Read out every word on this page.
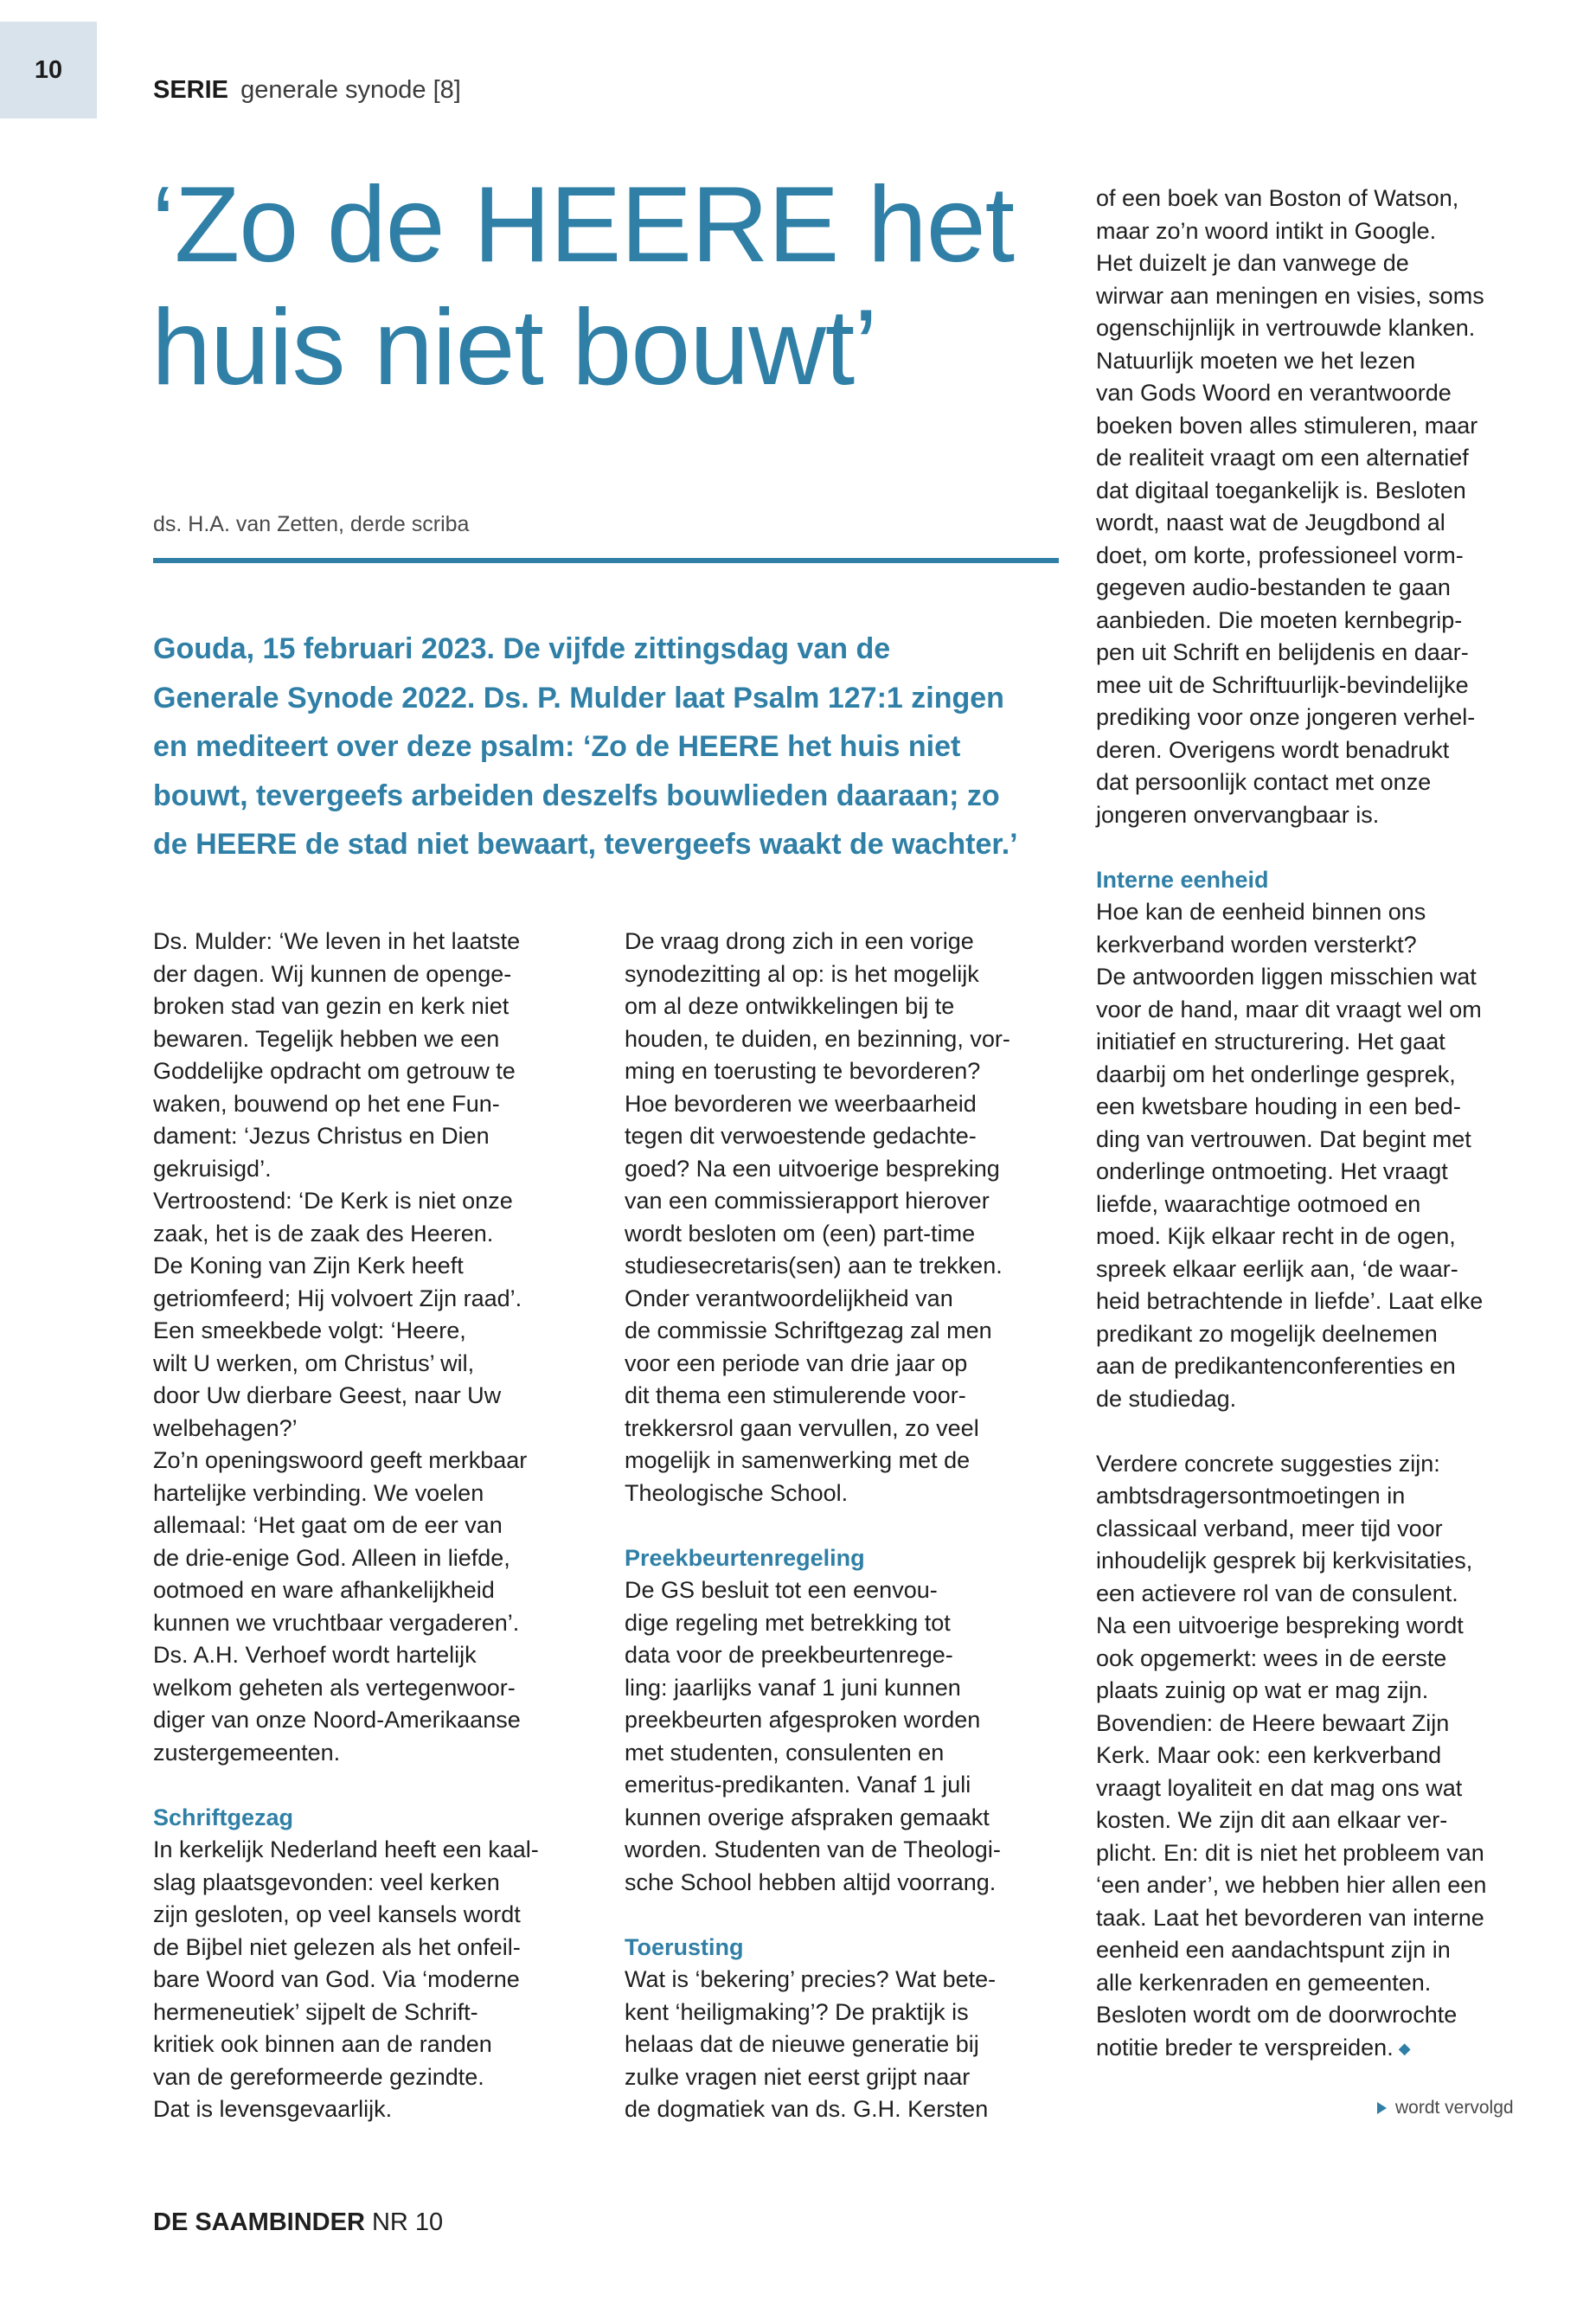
10
SERIE generale synode [8]
‘Zo de HEERE het
huis niet bouwt’
ds. H.A. van Zetten, derde scriba
Gouda, 15 februari 2023. De vijfde zittingsdag van de
Generale Synode 2022. Ds. P. Mulder laat Psalm 127:1 zingen
en mediteert over deze psalm: ‘Zo de HEERE het huis niet
bouwt, tevergeefs arbeiden deszelfs bouwlieden daaraan; zo
de HEERE de stad niet bewaart, tevergeefs waakt de wachter.’
Ds. Mulder: ‘We leven in het laatste
der dagen. Wij kunnen de openge-
broken stad van gezin en kerk niet
bewaren. Tegelijk hebben we een
Goddelijke opdracht om getrouw te
waken, bouwend op het ene Fun-
dament: ‘Jezus Christus en Dien
gekruisigd’.
Vertroostend: ‘De Kerk is niet onze
zaak, het is de zaak des Heeren.
De Koning van Zijn Kerk heeft
getriomfeerd; Hij volvoert Zijn raad’.
Een smeekbede volgt: ‘Heere,
wilt U werken, om Christus’ wil,
door Uw dierbare Geest, naar Uw
welbehagen?’
Zo’n openingswoord geeft merkbaar
hartelijke verbinding. We voelen
allemaal: ‘Het gaat om de eer van
de drie-enige God. Alleen in liefde,
ootmoed en ware afhankelijkheid
kunnen we vruchtbaar vergaderen’.
Ds. A.H. Verhoef wordt hartelijk
welkom geheten als vertegenwoor-
diger van onze Noord-Amerikaanse
zustergemeenten.
Schriftgezag
In kerkelijk Nederland heeft een kaal-
slag plaatsgevonden: veel kerken
zijn gesloten, op veel kansels wordt
de Bijbel niet gelezen als het onfeil-
bare Woord van God. Via ‘moderne
hermeneutiek’ sijpelt de Schrift-
kritiek ook binnen aan de randen
van de gereformeerde gezindte.
Dat is levensgevaarlijk.
De vraag drong zich in een vorige
synodezitting al op: is het mogelijk
om al deze ontwikkelingen bij te
houden, te duiden, en bezinning, vor-
ming en toerusting te bevorderen?
Hoe bevorderen we weerbaarheid
tegen dit verwoestende gedachte-
goed? Na een uitvoerige bespreking
van een commissierapport hierover
wordt besloten om (een) part-time
studiesecretaris(sen) aan te trekken.
Onder verantwoordelijkheid van
de commissie Schriftgezag zal men
voor een periode van drie jaar op
dit thema een stimulerende voor-
trekkersrol gaan vervullen, zo veel
mogelijk in samenwerking met de
Theologische School.
Preekbeurtenregeling
De GS besluit tot een eenvou-
dige regeling met betrekking tot
data voor de preekbeurtenrege-
ling: jaarlijks vanaf 1 juni kunnen
preekbeurten afgesproken worden
met studenten, consulenten en
emeritus-predikanten. Vanaf 1 juli
kunnen overige afspraken gemaakt
worden. Studenten van de Theologi-
sche School hebben altijd voorrang.
Toerusting
Wat is ‘bekering’ precies? Wat bete-
kent ‘heiligmaking’? De praktijk is
helaas dat de nieuwe generatie bij
zulke vragen niet eerst grijpt naar
de dogmatiek van ds. G.H. Kersten
of een boek van Boston of Watson,
maar zo’n woord intikt in Google.
Het duizelt je dan vanwege de
wirwar aan meningen en visies, soms
ogenschijnlijk in vertrouwde klanken.
Natuurlijk moeten we het lezen
van Gods Woord en verantwoorde
boeken boven alles stimuleren, maar
de realiteit vraagt om een alternatief
dat digitaal toegankelijk is. Besloten
wordt, naast wat de Jeugdbond al
doet, om korte, professioneel vorm-
gegeven audio-bestanden te gaan
aanbieden. Die moeten kernbegrip-
pen uit Schrift en belijdenis en daar-
mee uit de Schriftuurlijk-bevindelijke
prediking voor onze jongeren verhel-
deren. Overigens wordt benadrukt
dat persoonlijk contact met onze
jongeren onvervangbaar is.
Interne eenheid
Hoe kan de eenheid binnen ons
kerkverband worden versterkt?
De antwoorden liggen misschien wat
voor de hand, maar dit vraagt wel om
initiatief en structurering. Het gaat
daarbij om het onderlinge gesprek,
een kwetsbare houding in een bed-
ding van vertrouwen. Dat begint met
onderlinge ontmoeting. Het vraagt
liefde, waarachtige ootmoed en
moed. Kijk elkaar recht in de ogen,
spreek elkaar eerlijk aan, ‘de waar-
heid betrachtende in liefde’. Laat elke
predikant zo mogelijk deelnemen
aan de predikantenconferenties en
de studiedag.
Verdere concrete suggesties zijn:
ambtsdragersontmoetingen in
classicaal verband, meer tijd voor
inhoudelijk gesprek bij kerkvisitaties,
een actievere rol van de consulent.
Na een uitvoerige bespreking wordt
ook opgemerkt: wees in de eerste
plaats zuinig op wat er mag zijn.
Bovendien: de Heere bewaart Zijn
Kerk. Maar ook: een kerkverband
vraagt loyaliteit en dat mag ons wat
kosten. We zijn dit aan elkaar ver-
plicht. En: dit is niet het probleem van
‘een ander’, we hebben hier allen een
taak. Laat het bevorderen van interne
eenheid een aandachtspunt zijn in
alle kerkenraden en gemeenten.
Besloten wordt om de doorwrochte
notitie breder te verspreiden. ◆
wordt vervolgd
DE SAAMBINDER NR 10
